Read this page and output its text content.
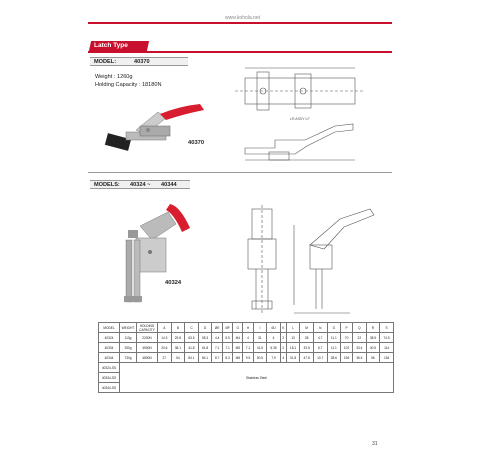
www.kohola.net
Latch Type
MODEL:	40370
Weight : 1260g
Holding Capacity : 18180N
40370
LR ASSY LF
MODELS: 40324 ~ 40344
40324
MODEL	WEIGHT	HOLDING CAPACITY	A	B	C	D	ØE	ØF	G	H	I	ØJ	K	L	M	N	O	P	Q	R	S
40324	113g	2200N	14.3	29.8	63.5	55.3	4.4	5.5	M4	4	31	4	2	13	28	4.7	11.1	70	22	38.5	74.5
40334	250g	4500N	20.6	38.1	41.8	61.8	7.1	7.1	M5	7.1	41.5	6.35	2	18.1	33.5	6.7	11.1	102	33.4	40.5	114
40344	730g	4800N	27	54	84.1	84.1	8.7	8.3	M8	9.5	50.5	7.9	4	31.8	47.8	10.7	28.6	156	36.5	56	154
40324-SS	Stainless Steel																				
40334-SS																					
40344-SS																					
31
